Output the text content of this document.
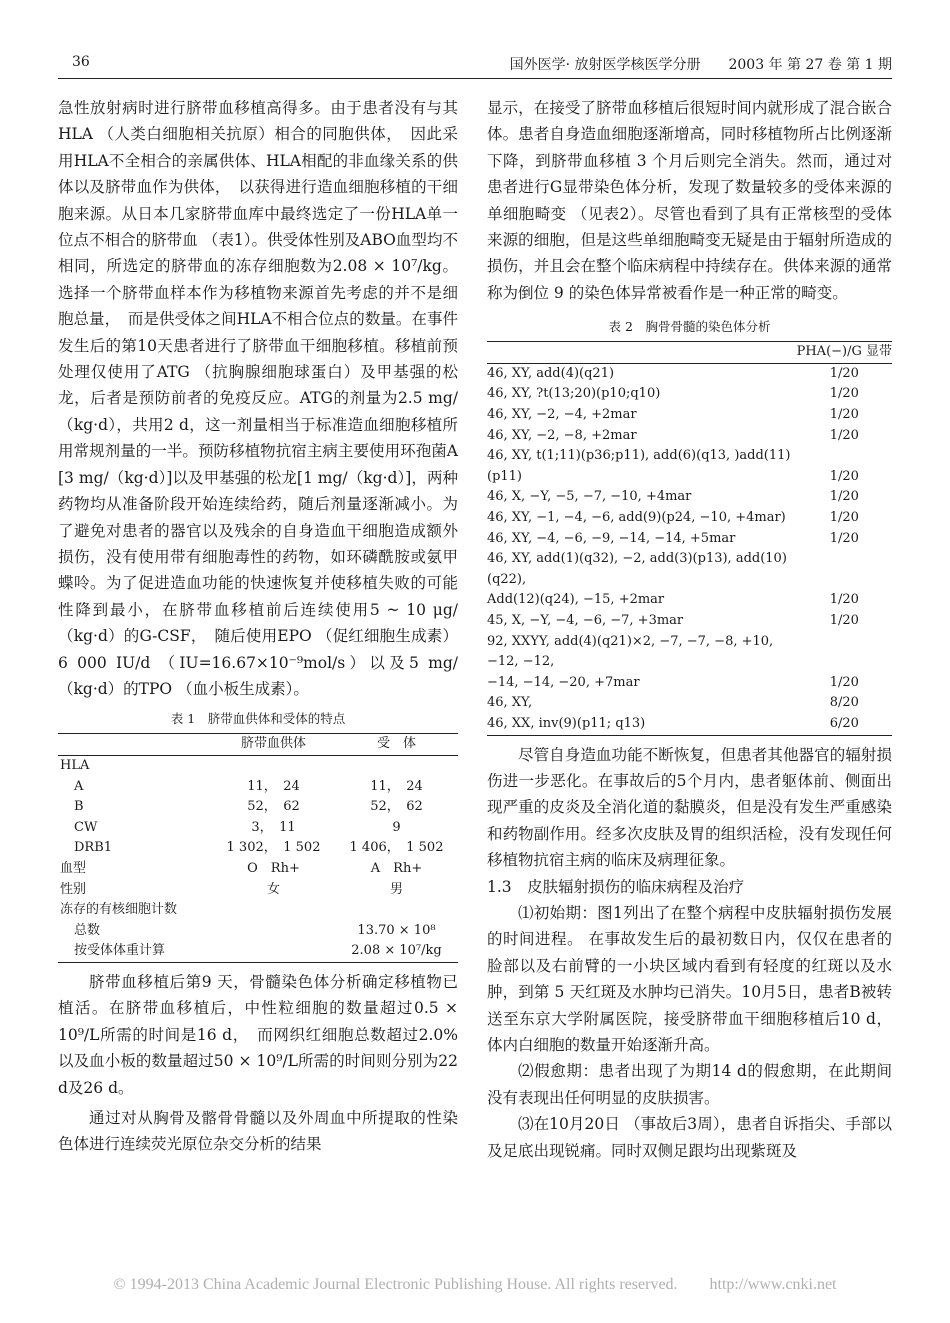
36	国外医学· 放射医学核医学分册　　2003 年 第 27 卷 第 1 期

急性放射病时进行脐带血移植高得多。由于患者没有与其HLA （人类白细胞相关抗原）相合的同胞供体，　因此采用HLA不全相合的亲属供体、HLA相配的非血缘关系的供体以及脐带血作为供体，　以获得进行造血细胞移植的干细胞来源。从日本几家脐带血库中最终选定了一份HLA单一位点不相合的脐带血 （表1）。供受体性别及ABO血型均不相同，所选定的脐带血的冻存细胞数为2.08 × 10⁷/kg。选择一个脐带血样本作为移植物来源首先考虑的并不是细胞总量，　而是供受体之间HLA不相合位点的数量。在事件发生后的第10天患者进行了脐带血干细胞移植。移植前预处理仅使用了ATG （抗胸腺细胞球蛋白）及甲基强的松龙，后者是预防前者的免疫反应。ATG的剂量为2.5 mg/（kg·d），共用2 d，这一剂量相当于标准造血细胞移植所用常规剂量的一半。预防移植物抗宿主病主要使用环孢菌A [3 mg/（kg·d）]以及甲基强的松龙[1 mg/（kg·d）]，两种药物均从准备阶段开始连续给药，随后剂量逐渐减小。为了避免对患者的器官以及残余的自身造血干细胞造成额外损伤，没有使用带有细胞毒性的药物，如环磷酰胺或氨甲蝶呤。为了促进造血功能的快速恢复并使移植失败的可能性降到最小，在脐带血移植前后连续使用5 ~ 10 μg/（kg·d）的G-CSF，　随后使用EPO （促红细胞生成素）6 000 IU/d （IU=16.67×10⁻⁹mol/s）以及5 mg/（kg·d）的TPO （血小板生成素）。

表 1　脐带血供体和受体的特点
	脐带血供体	受　体
HLA		
A	11，　24	11，　24
B	52，　62	52，　62
CW	3，　11	9
DRB1	1 302，　1 502	1 406，　1 502
血型	O　Rh+	A　Rh+
性别	女	男
冻存的有核细胞计数		
总数		13.70 × 10⁸
按受体体重计算		2.08 × 10⁷/kg

脐带血移植后第9 天，骨髓染色体分析确定移植物已植活。在脐带血移植后，中性粒细胞的数量超过0.5 × 10⁹/L所需的时间是16 d，　而网织红细胞总数超过2.0%以及血小板的数量超过50 × 10⁹/L所需的时间则分别为22 d及26 d。

通过对从胸骨及髂骨骨髓以及外周血中所提取的性染色体进行连续荧光原位杂交分析的结果

显示，在接受了脐带血移植后很短时间内就形成了混合嵌合体。患者自身造血细胞逐渐增高，同时移植物所占比例逐渐下降，到脐带血移植 3 个月后则完全消失。然而，通过对患者进行G显带染色体分析，发现了数量较多的受体来源的单细胞畸变 （见表2）。尽管也看到了具有正常核型的受体来源的细胞，但是这些单细胞畸变无疑是由于辐射所造成的损伤，并且会在整个临床病程中持续存在。供体来源的通常称为倒位 9 的染色体异常被看作是一种正常的畸变。

表 2　胸骨骨髓的染色体分析
	PHA(−)/G 显带
46, XY, add(4)(q21)	1/20
46, XY, ?t(13;20)(p10;q10)	1/20
46, XY, −2, −4, +2mar	1/20
46, XY, −2, −8, +2mar	1/20
46, XY, t(1;11)(p36;p11), add(6)(q13, )add(11)(p11)	1/20
46, X, −Y, −5, −7, −10, +4mar	1/20
46, XY, −1, −4, −6, add(9)(p24, −10, +4mar)	1/20
46, XY, −4, −6, −9, −14, −14, +5mar	1/20
46, XY, add(1)(q32), −2, add(3)(p13), add(10)(q22),
Add(12)(q24), −15, +2mar	1/20
45, X, −Y, −4, −6, −7, +3mar	1/20
92, XXYY, add(4)(q21)×2, −7, −7, −8, +10, −12, −12,
−14, −14, −20, +7mar	1/20
46, XY,	8/20
46, XX, inv(9)(p11; q13)	6/20

尽管自身造血功能不断恢复，但患者其他器官的辐射损伤进一步恶化。在事故后的5个月内，患者躯体前、侧面出现严重的皮炎及全消化道的黏膜炎，但是没有发生严重感染和药物副作用。经多次皮肤及胃的组织活检，没有发现任何移植物抗宿主病的临床及病理征象。

1.3　皮肤辐射损伤的临床病程及治疗

⑴初始期：图1列出了在整个病程中皮肤辐射损伤发展的时间进程。 在事故发生后的最初数日内，仅仅在患者的脸部以及右前臂的一小块区域内看到有轻度的红斑以及水肿，到第 5 天红斑及水肿均已消失。10月5日，患者B被转送至东京大学附属医院，接受脐带血干细胞移植后10 d，体内白细胞的数量开始逐渐升高。

⑵假愈期：患者出现了为期14 d的假愈期，在此期间没有表现出任何明显的皮肤损害。

⑶在10月20日 （事故后3周），患者自诉指尖、手部以及足底出现锐痛。同时双侧足跟均出现紫斑及

© 1994-2013 China Academic Journal Electronic Publishing House. All rights reserved.　　http://www.cnki.net
